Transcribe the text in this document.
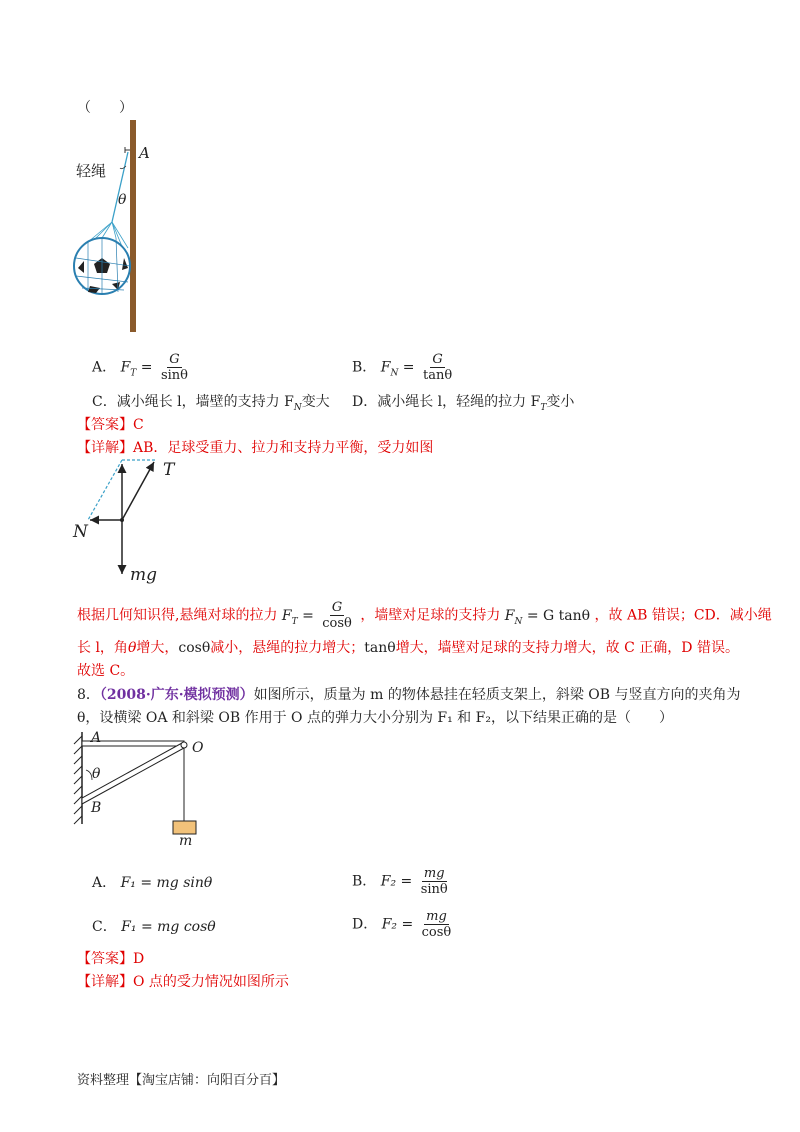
（　　）
轻绳
A
θ
A． $F_T = \frac{G}{\sin\theta}$	B． $F_N = \frac{G}{\tan\theta}$
C．减小绳长 l，墙壁的支持力 $F_N$变大 D．减小绳长 l，轻绳的拉力 $F_T$变小
【答案】C
【详解】AB．足球受重力、拉力和支持力平衡，受力如图
T
N
mg
根据几何知识得,悬绳对球的拉力 $F_T = \frac{G}{\cos\theta}$ ，墙壁对足球的支持力 $F_N = G$ tanθ ，故 AB 错误；CD．减小绳
长 l，角θ增大，cosθ减小，悬绳的拉力增大；tanθ增大，墙壁对足球的支持力增大，故 C 正确，D 错误。
故选 C。
8．（2008·广东·模拟预测）如图所示，质量为 m 的物体悬挂在轻质支架上，斜梁 OB 与竖直方向的夹角为
θ，设横梁 OA 和斜梁 OB 作用于 O 点的弹力大小分别为 F₁ 和 F₂，以下结果正确的是（　　）
A
O
θ
B
m
A． F₁ = mg sinθ	B． $F_2 = \frac{mg}{\sin\theta}$
C． F₁ = mg cosθ	D． $F_2 = \frac{mg}{\cos\theta}$
【答案】D
【详解】O 点的受力情况如图所示
资料整理【淘宝店铺：向阳百分百】
